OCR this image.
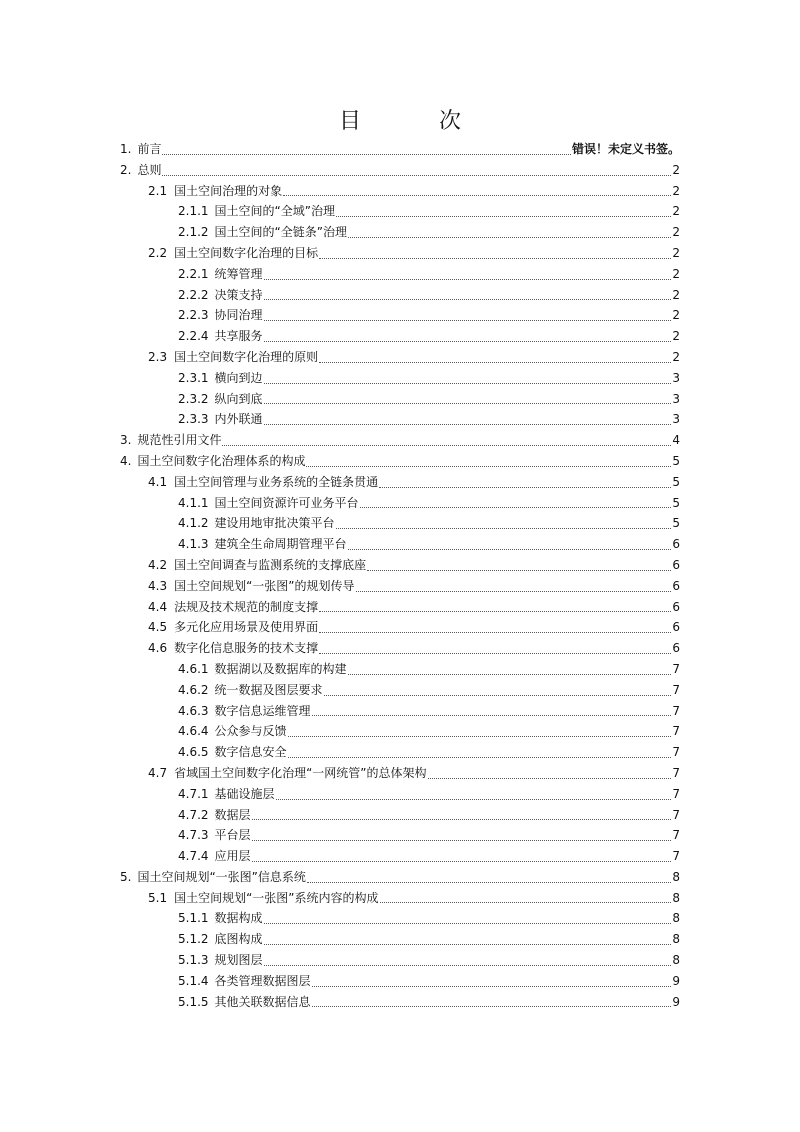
目　次
1. 前言	错误！未定义书签。
2. 总则	2
2.1 国土空间治理的对象	2
2.1.1 国土空间的“全域”治理	2
2.1.2 国土空间的“全链条”治理	2
2.2 国土空间数字化治理的目标	2
2.2.1 统筹管理	2
2.2.2 决策支持	2
2.2.3 协同治理	2
2.2.4 共享服务	2
2.3 国土空间数字化治理的原则	2
2.3.1 横向到边	3
2.3.2 纵向到底	3
2.3.3 内外联通	3
3. 规范性引用文件	4
4. 国土空间数字化治理体系的构成	5
4.1 国土空间管理与业务系统的全链条贯通	5
4.1.1 国土空间资源许可业务平台	5
4.1.2 建设用地审批决策平台	5
4.1.3 建筑全生命周期管理平台	6
4.2 国土空间调查与监测系统的支撑底座	6
4.3 国土空间规划“一张图”的规划传导	6
4.4 法规及技术规范的制度支撑	6
4.5 多元化应用场景及使用界面	6
4.6 数字化信息服务的技术支撑	6
4.6.1 数据湖以及数据库的构建	7
4.6.2 统一数据及图层要求	7
4.6.3 数字信息运维管理	7
4.6.4 公众参与反馈	7
4.6.5 数字信息安全	7
4.7 省域国土空间数字化治理“一网统管”的总体架构	7
4.7.1 基础设施层	7
4.7.2 数据层	7
4.7.3 平台层	7
4.7.4 应用层	7
5. 国土空间规划“一张图”信息系统	8
5.1 国土空间规划“一张图”系统内容的构成	8
5.1.1 数据构成	8
5.1.2 底图构成	8
5.1.3 规划图层	8
5.1.4 各类管理数据图层	9
5.1.5 其他关联数据信息	9
